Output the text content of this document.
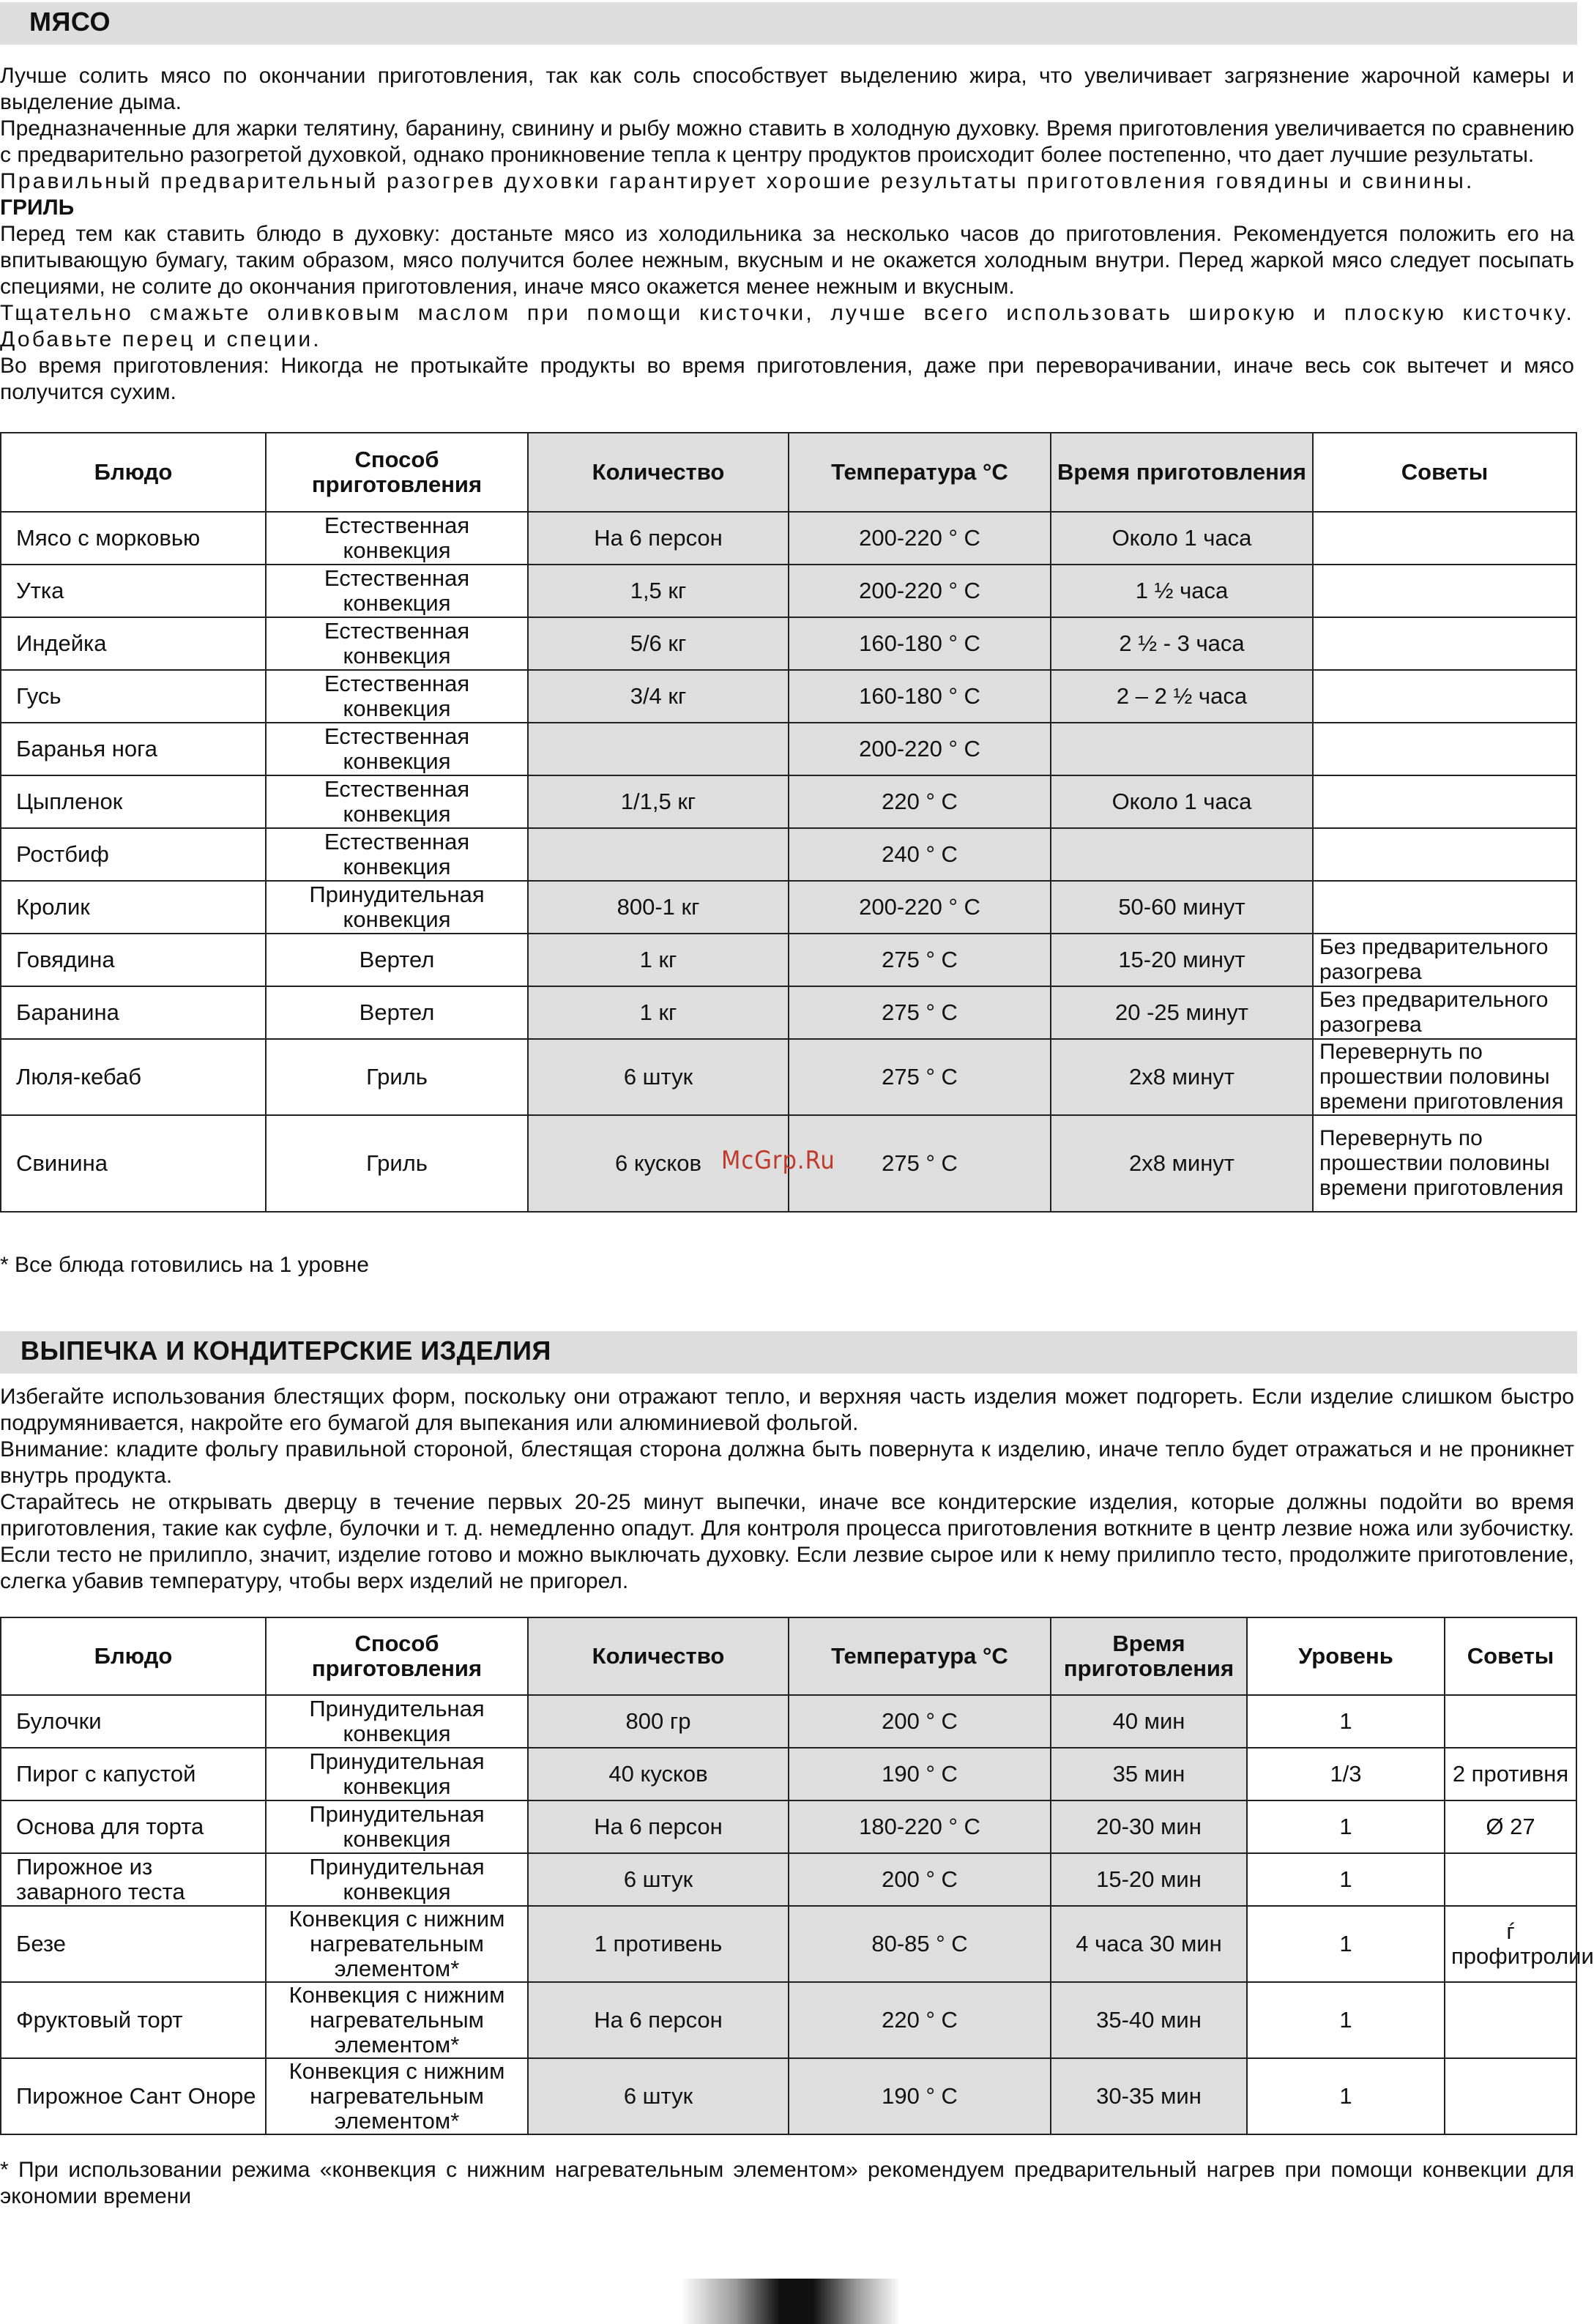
МЯСО

Лучше солить мясо по окончании приготовления, так как соль способствует выделению жира, что увеличивает загрязнение жарочной камеры и выделение дыма.

Предназначенные для жарки телятину, баранину, свинину и рыбу можно ставить в холодную духовку. Время приготовления увеличивается по сравнению с предварительно разогретой духовкой, однако проникновение тепла к центру продуктов происходит более постепенно, что дает лучшие результаты.

Правильный предварительный разогрев духовки гарантирует хорошие результаты приготовления говядины и свинины.

ГРИЛЬ

Перед тем как ставить блюдо в духовку: достаньте мясо из холодильника за несколько часов до приготовления. Рекомендуется положить его на впитывающую бумагу, таким образом, мясо получится более нежным, вкусным и не окажется холодным внутри. Перед жаркой мясо следует посыпать специями, не солите до окончания приготовления, иначе мясо окажется менее нежным и вкусным.

Тщательно смажьте оливковым маслом при помощи кисточки, лучше всего использовать широкую и плоскую кисточку. Добавьте перец и специи.

Во время приготовления: Никогда не протыкайте продукты во время приготовления, даже при переворачивании, иначе весь сок вытечет и мясо получится сухим.

Блюдо	Способ приготовления	Количество	Температура °C	Время приготовления	Советы
Мясо с морковью	Естественная конвекция	На 6 персон	200-220 ° C	Около 1 часа	
Утка	Естественная конвекция	1,5 кг	200-220 ° C	1 ½ часа	
Индейка	Естественная конвекция	5/6 кг	160-180 ° C	2 ½ - 3 часа	
Гусь	Естественная конвекция	3/4 кг	160-180 ° C	2 – 2 ½ часа	
Баранья нога	Естественная конвекция		200-220 ° C		
Цыпленок	Естественная конвекция	1/1,5 кг	220 ° C	Около 1 часа	
Ростбиф	Естественная конвекция		240 ° C		
Кролик	Принудительная конвекция	800-1 кг	200-220 ° C	50-60 минут	
Говядина	Вертел	1 кг	275 ° C	15-20 минут	Без предварительного разогрева
Баранина	Вертел	1 кг	275 ° C	20 -25 минут	Без предварительного разогрева
Люля-кебаб	Гриль	6 штук	275 ° C	2х8 минут	Перевернуть по прошествии половины времени приготовления
Свинина	Гриль	6 кусков	275 ° C	2х8 минут	Перевернуть по прошествии половины времени приготовления
* Все блюда готовились на 1 уровне
McGrp.Ru
ВЫПЕЧКА И КОНДИТЕРСКИЕ ИЗДЕЛИЯ

Избегайте использования блестящих форм, поскольку они отражают тепло, и верхняя часть изделия может подгореть. Если изделие слишком быстро подрумянивается, накройте его бумагой для выпекания или алюминиевой фольгой.

Внимание: кладите фольгу правильной стороной, блестящая сторона должна быть повернута к изделию, иначе тепло будет отражаться и не проникнет внутрь продукта.

Старайтесь не открывать дверцу в течение первых 20-25 минут выпечки, иначе все кондитерские изделия, которые должны подойти во время приготовления, такие как суфле, булочки и т. д. немедленно опадут. Для контроля процесса приготовления воткните в центр лезвие ножа или зубочистку. Если тесто не прилипло, значит, изделие готово и можно выключать духовку. Если лезвие сырое или к нему прилипло тесто, продолжите приготовление, слегка убавив температуру, чтобы верх изделий не пригорел.

Блюдо	Способ приготовления	Количество	Температура °C	Время приготовления	Уровень	Советы
Булочки	Принудительная конвекция	800 гр	200 ° C	40 мин	1	
Пирог с капустой	Принудительная конвекция	40 кусков	190 ° C	35 мин	1/3	2 противня
Основа для торта	Принудительная конвекция	На 6 персон	180-220 ° C	20-30 мин	1	Ø 27
Пирожное из заварного теста	Принудительная конвекция	6 штук	200 ° C	15-20 мин	1	
Безе	Конвекция с нижним нагревательным элементом*	1 противень	80-85 ° C	4 часа 30 мин	1	ѓ профитролии
Фруктовый торт	Конвекция с нижним нагревательным элементом*	На 6 персон	220 ° C	35-40 мин	1	
Пирожное Сант Оноре	Конвекция с нижним нагревательным элементом*	6 штук	190 ° C	30-35 мин	1	
* При использовании режима «конвекция с нижним нагревательным элементом» рекомендуем предварительный нагрев при помощи конвекции для экономии времени
